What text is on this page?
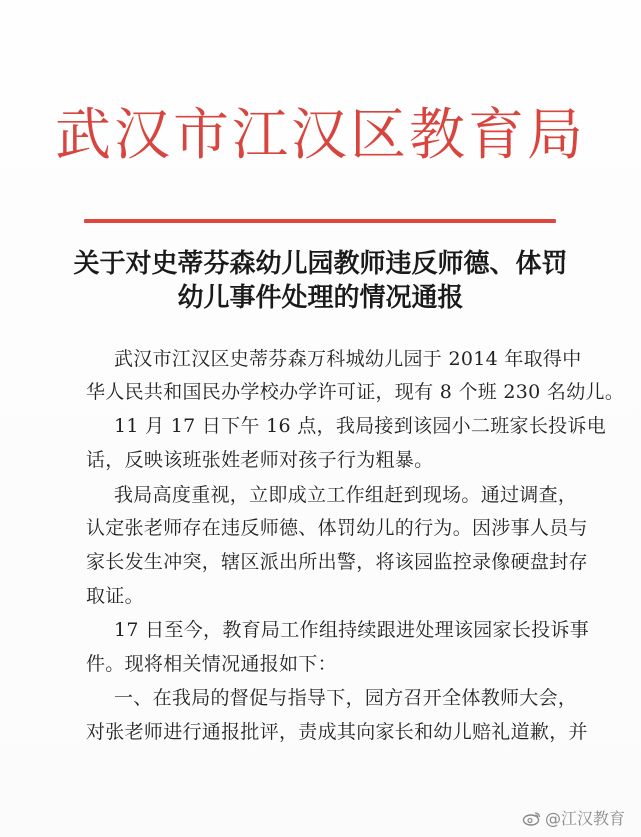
武汉市江汉区教育局
关于对史蒂芬森幼儿园教师违反师德、体罚
幼儿事件处理的情况通报
武汉市江汉区史蒂芬森万科城幼儿园于 2014 年取得中
华人民共和国民办学校办学许可证，现有 8 个班 230 名幼儿。
11 月 17 日下午 16 点，我局接到该园小二班家长投诉电
话，反映该班张姓老师对孩子行为粗暴。
我局高度重视，立即成立工作组赶到现场。通过调查，
认定张老师存在违反师德、体罚幼儿的行为。因涉事人员与
家长发生冲突，辖区派出所出警，将该园监控录像硬盘封存
取证。
17 日至今，教育局工作组持续跟进处理该园家长投诉事
件。现将相关情况通报如下：
一、在我局的督促与指导下，园方召开全体教师大会，
对张老师进行通报批评，责成其向家长和幼儿赔礼道歉，并
@江汉教育
